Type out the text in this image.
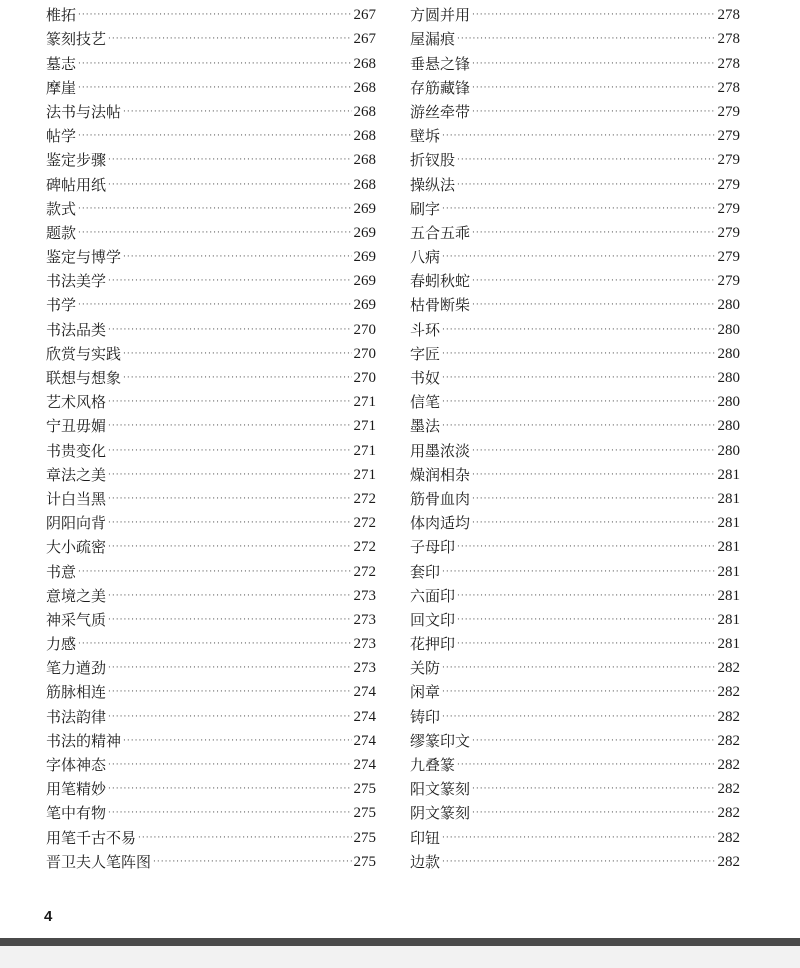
椎拓 ·····	267
篆刻技艺 ·····	267
墓志 ·····	268
摩崖 ·····	268
法书与法帖 ·····	268
帖学 ·····	268
鉴定步骤 ·····	268
碑帖用纸 ·····	268
款式 ·····	269
题款 ·····	269
鉴定与博学 ·····	269
书法美学 ·····	269
书学 ·····	269
书法品类 ·····	270
欣赏与实践 ·····	270
联想与想象 ·····	270
艺术风格 ·····	271
宁丑毋媚 ·····	271
书贵变化 ·····	271
章法之美 ·····	271
计白当黑 ·····	272
阴阳向背 ·····	272
大小疏密 ·····	272
书意 ·····	272
意境之美 ·····	273
神采气质 ·····	273
力感 ·····	273
笔力遒劲 ·····	273
筋脉相连 ·····	274
书法韵律 ·····	274
书法的精神 ·····	274
字体神态 ·····	274
用笔精妙 ·····	275
笔中有物 ·····	275
用笔千古不易 ·····	275
晋卫夫人笔阵图 ·····	275
方圆并用 ·····	278
屋漏痕 ·····	278
垂悬之锋 ·····	278
存筋藏锋 ·····	278
游丝牵带 ·····	279
壁坼 ·····	279
折钗股 ·····	279
操纵法 ·····	279
刷字 ·····	279
五合五乖 ·····	279
八病 ·····	279
春蚓秋蛇 ·····	279
枯骨断柴 ·····	280
斗环 ·····	280
字匠 ·····	280
书奴 ·····	280
信笔 ·····	280
墨法 ·····	280
用墨浓淡 ·····	280
燥润相杂 ·····	281
筋骨血肉 ·····	281
体肉适均 ·····	281
子母印 ·····	281
套印 ·····	281
六面印 ·····	281
回文印 ·····	281
花押印 ·····	281
关防 ·····	282
闲章 ·····	282
铸印 ·····	282
缪篆印文 ·····	282
九叠篆 ·····	282
阳文篆刻 ·····	282
阴文篆刻 ·····	282
印钮 ·····	282
边款 ·····	282
4
